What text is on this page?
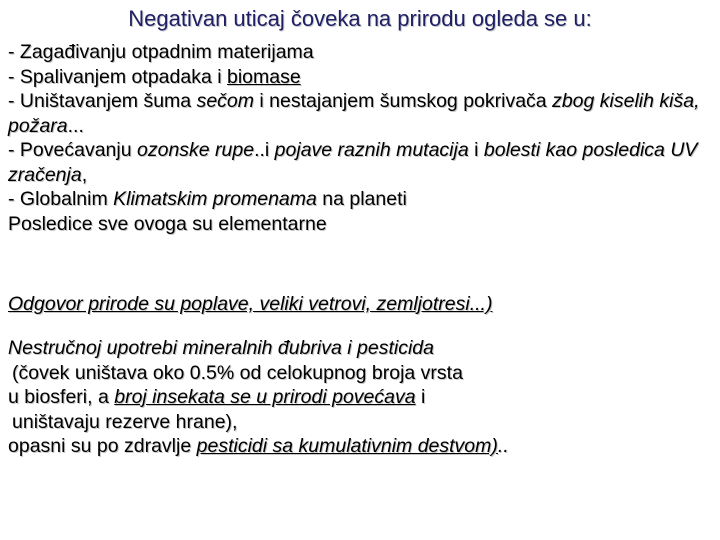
Negativan uticaj čoveka na prirodu ogleda se u:
- Zagađivanju otpadnim materijama
- Spalivanjem otpadaka i biomase
- Uništavanjem šuma sečom i nestajanjem šumskog pokrivača zbog kiselih kiša, požara...
- Povećavanju ozonske rupe..i pojave raznih mutacija i bolesti kao posledica UV zračenja,
- Globalnim Klimatskim promenama na planeti
Posledice sve ovoga su elementarne
Odgovor prirode su poplave, veliki vetrovi, zemljotresi...)
Nestručnoj upotrebi mineralnih đubriva i pesticida
(čovek uništava oko 0.5% od celokupnog broja vrsta
u biosferi, a broj insekata se u prirodi povećava i
uništavaju rezerve hrane),
opasni su po zdravlje pesticidi sa kumulativnim destvom)..
